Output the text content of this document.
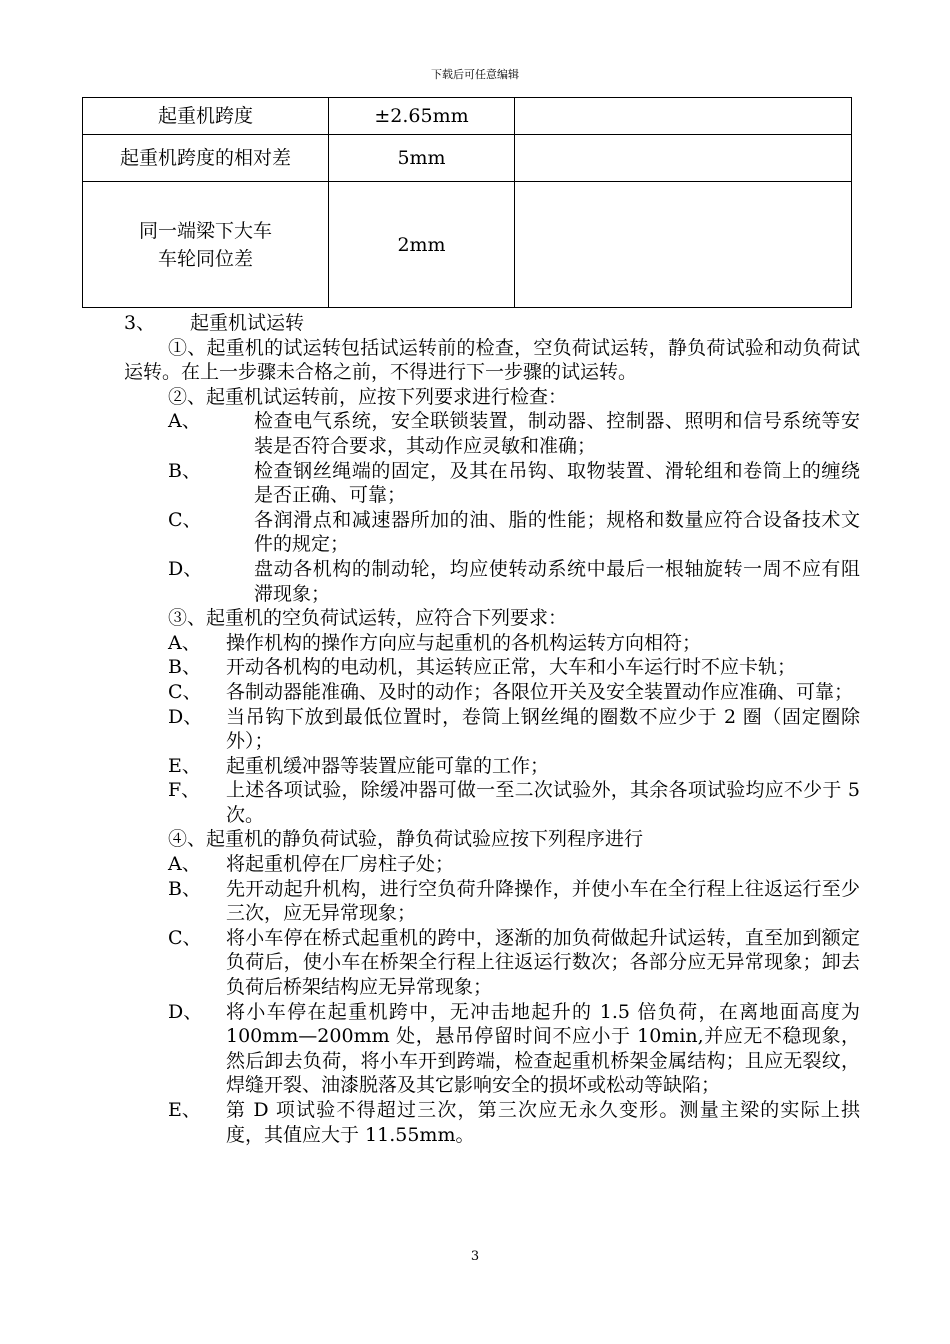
下载后可任意编辑
起重机跨度	±2.65mm	
起重机跨度的相对差	5mm	

同一端梁下大车
车轮同位差	2mm	
3、	起重机试运转

①、起重机的试运转包括试运转前的检查，空负荷试运转，静负荷试验和动负荷试运转。在上一步骤未合格之前，不得进行下一步骤的试运转。

②、起重机试运转前，应按下列要求进行检查：

A、	检查电气系统，安全联锁装置，制动器、控制器、照明和信号系统等安装是否符合要求，其动作应灵敏和准确；
B、	检查钢丝绳端的固定，及其在吊钩、取物装置、滑轮组和卷筒上的缠绕是否正确、可靠；
C、	各润滑点和减速器所加的油、脂的性能；规格和数量应符合设备技术文件的规定；
D、	盘动各机构的制动轮，均应使转动系统中最后一根轴旋转一周不应有阻滞现象；

③、起重机的空负荷试运转，应符合下列要求：

A、	操作机构的操作方向应与起重机的各机构运转方向相符；
B、	开动各机构的电动机，其运转应正常，大车和小车运行时不应卡轨；
C、	各制动器能准确、及时的动作；各限位开关及安全装置动作应准确、可靠；
D、	当吊钩下放到最低位置时，卷筒上钢丝绳的圈数不应少于 2 圈（固定圈除外）；
E、	起重机缓冲器等装置应能可靠的工作；
F、	上述各项试验，除缓冲器可做一至二次试验外，其余各项试验均应不少于 5 次。

④、起重机的静负荷试验，静负荷试验应按下列程序进行

A、	将起重机停在厂房柱子处；
B、	先开动起升机构，进行空负荷升降操作，并使小车在全行程上往返运行至少三次，应无异常现象；
C、	将小车停在桥式起重机的跨中，逐渐的加负荷做起升试运转，直至加到额定负荷后，使小车在桥架全行程上往返运行数次；各部分应无异常现象；卸去负荷后桥架结构应无异常现象；
D、	将小车停在起重机跨中，无冲击地起升的 1.5 倍负荷，在离地面高度为 100mm—200mm 处，悬吊停留时间不应小于 10min,并应无不稳现象，然后卸去负荷，将小车开到跨端，检查起重机桥架金属结构；且应无裂纹，焊缝开裂、油漆脱落及其它影响安全的损坏或松动等缺陷；
E、	第 D 项试验不得超过三次，第三次应无永久变形。测量主梁的实际上拱度，其值应大于 11.55mm。
3
